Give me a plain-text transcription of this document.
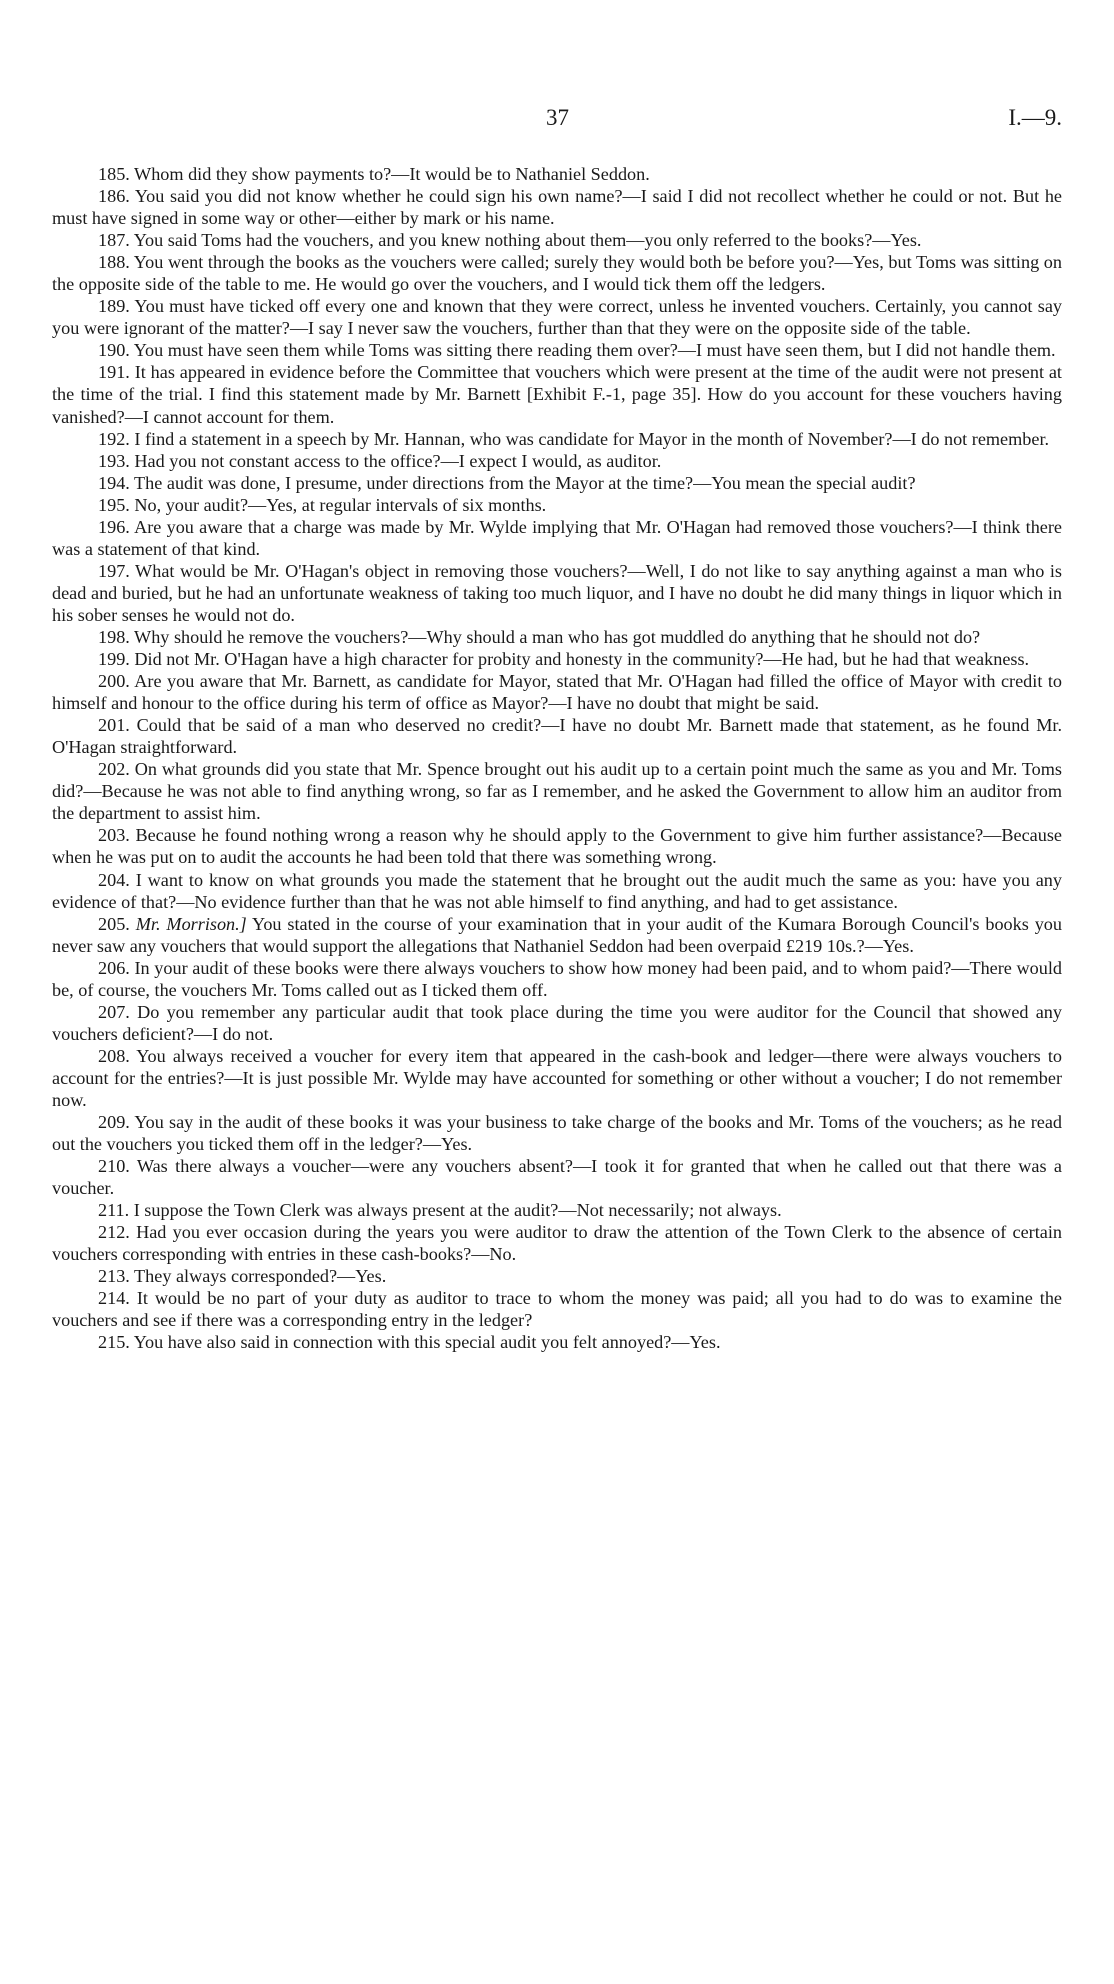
37	I.—9.

185. Whom did they show payments to?—It would be to Nathaniel Seddon.

186. You said you did not know whether he could sign his own name?—I said I did not recollect whether he could or not. But he must have signed in some way or other—either by mark or his name.

187. You said Toms had the vouchers, and you knew nothing about them—you only referred to the books?—Yes.

188. You went through the books as the vouchers were called; surely they would both be before you?—Yes, but Toms was sitting on the opposite side of the table to me. He would go over the vouchers, and I would tick them off the ledgers.

189. You must have ticked off every one and known that they were correct, unless he invented vouchers. Certainly, you cannot say you were ignorant of the matter?—I say I never saw the vouchers, further than that they were on the opposite side of the table.

190. You must have seen them while Toms was sitting there reading them over?—I must have seen them, but I did not handle them.

191. It has appeared in evidence before the Committee that vouchers which were present at the time of the audit were not present at the time of the trial. I find this statement made by Mr. Barnett [Exhibit F.-1, page 35]. How do you account for these vouchers having vanished?—I cannot account for them.

192. I find a statement in a speech by Mr. Hannan, who was candidate for Mayor in the month of November?—I do not remember.

193. Had you not constant access to the office?—I expect I would, as auditor.

194. The audit was done, I presume, under directions from the Mayor at the time?—You mean the special audit?

195. No, your audit?—Yes, at regular intervals of six months.

196. Are you aware that a charge was made by Mr. Wylde implying that Mr. O'Hagan had removed those vouchers?—I think there was a statement of that kind.

197. What would be Mr. O'Hagan's object in removing those vouchers?—Well, I do not like to say anything against a man who is dead and buried, but he had an unfortunate weakness of taking too much liquor, and I have no doubt he did many things in liquor which in his sober senses he would not do.

198. Why should he remove the vouchers?—Why should a man who has got muddled do anything that he should not do?

199. Did not Mr. O'Hagan have a high character for probity and honesty in the community?—He had, but he had that weakness.

200. Are you aware that Mr. Barnett, as candidate for Mayor, stated that Mr. O'Hagan had filled the office of Mayor with credit to himself and honour to the office during his term of office as Mayor?—I have no doubt that might be said.

201. Could that be said of a man who deserved no credit?—I have no doubt Mr. Barnett made that statement, as he found Mr. O'Hagan straightforward.

202. On what grounds did you state that Mr. Spence brought out his audit up to a certain point much the same as you and Mr. Toms did?—Because he was not able to find anything wrong, so far as I remember, and he asked the Government to allow him an auditor from the department to assist him.

203. Because he found nothing wrong a reason why he should apply to the Government to give him further assistance?—Because when he was put on to audit the accounts he had been told that there was something wrong.

204. I want to know on what grounds you made the statement that he brought out the audit much the same as you: have you any evidence of that?—No evidence further than that he was not able himself to find anything, and had to get assistance.

205. Mr. Morrison.] You stated in the course of your examination that in your audit of the Kumara Borough Council's books you never saw any vouchers that would support the allegations that Nathaniel Seddon had been overpaid £219 10s.?—Yes.

206. In your audit of these books were there always vouchers to show how money had been paid, and to whom paid?—There would be, of course, the vouchers Mr. Toms called out as I ticked them off.

207. Do you remember any particular audit that took place during the time you were auditor for the Council that showed any vouchers deficient?—I do not.

208. You always received a voucher for every item that appeared in the cash-book and ledger—there were always vouchers to account for the entries?—It is just possible Mr. Wylde may have accounted for something or other without a voucher; I do not remember now.

209. You say in the audit of these books it was your business to take charge of the books and Mr. Toms of the vouchers; as he read out the vouchers you ticked them off in the ledger?—Yes.

210. Was there always a voucher—were any vouchers absent?—I took it for granted that when he called out that there was a voucher.

211. I suppose the Town Clerk was always present at the audit?—Not necessarily; not always.

212. Had you ever occasion during the years you were auditor to draw the attention of the Town Clerk to the absence of certain vouchers corresponding with entries in these cash-books?—No.

213. They always corresponded?—Yes.

214. It would be no part of your duty as auditor to trace to whom the money was paid; all you had to do was to examine the vouchers and see if there was a corresponding entry in the ledger?

215. You have also said in connection with this special audit you felt annoyed?—Yes.
